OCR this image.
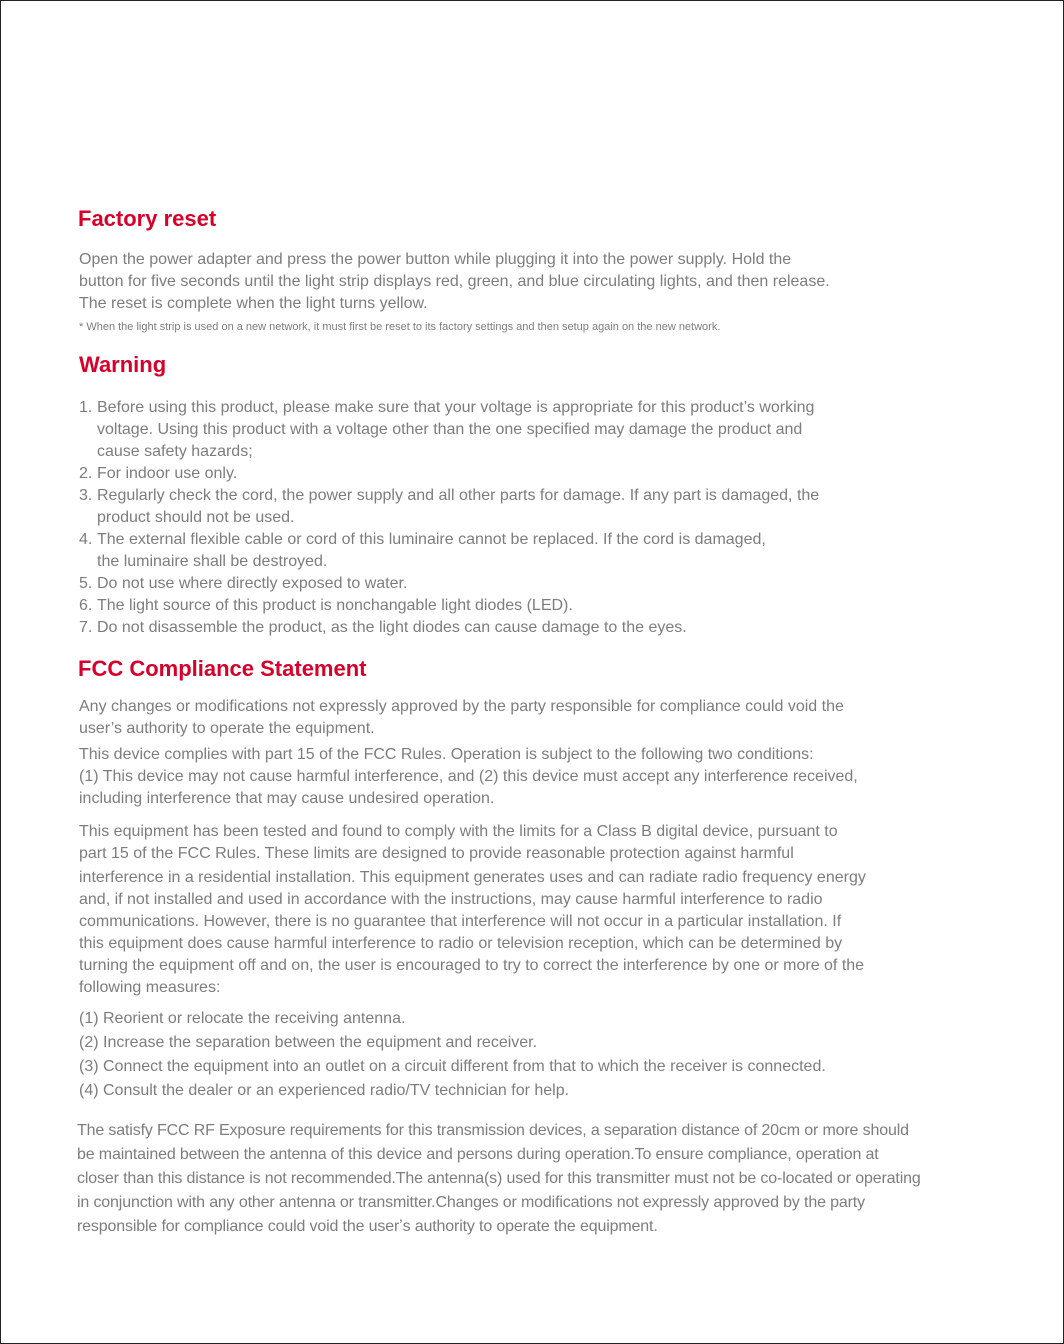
Factory reset
Open the power adapter and press the power button while plugging it into the power supply. Hold the
button for five seconds until the light strip displays red, green, and blue circulating lights, and then release.
The reset is complete when the light turns yellow.
* When the light strip is used on a new network, it must first be reset to its factory settings and then setup again on the new network.
Warning
1. Before using this product, please make sure that your voltage is appropriate for this product’s working
voltage. Using this product with a voltage other than the one specified may damage the product and
cause safety hazards;
2. For indoor use only.
3. Regularly check the cord, the power supply and all other parts for damage. If any part is damaged, the
product should not be used.
4. The external flexible cable or cord of this luminaire cannot be replaced. If the cord is damaged,
the luminaire shall be destroyed.
5. Do not use where directly exposed to water.
6. The light source of this product is nonchangable light diodes (LED).
7. Do not disassemble the product, as the light diodes can cause damage to the eyes.
FCC Compliance Statement
Any changes or modifications not expressly approved by the party responsible for compliance could void the
user’s authority to operate the equipment.
This device complies with part 15 of the FCC Rules. Operation is subject to the following two conditions:
(1) This device may not cause harmful interference, and (2) this device must accept any interference received,
including interference that may cause undesired operation.
This equipment has been tested and found to comply with the limits for a Class B digital device, pursuant to
part 15 of the FCC Rules. These limits are designed to provide reasonable protection against harmful
interference in a residential installation. This equipment generates uses and can radiate radio frequency energy
and, if not installed and used in accordance with the instructions, may cause harmful interference to radio
communications. However, there is no guarantee that interference will not occur in a particular installation. If
this equipment does cause harmful interference to radio or television reception, which can be determined by
turning the equipment off and on, the user is encouraged to try to correct the interference by one or more of the
following measures:
(1) Reorient or relocate the receiving antenna.
(2) Increase the separation between the equipment and receiver.
(3) Connect the equipment into an outlet on a circuit different from that to which the receiver is connected.
(4) Consult the dealer or an experienced radio/TV technician for help.
The satisfy FCC RF Exposure requirements for this transmission devices, a separation distance of 20cm or more should
be maintained between the antenna of this device and persons during operation.To ensure compliance, operation at
closer than this distance is not recommended.The antenna(s) used for this transmitter must not be co-located or operating
in conjunction with any other antenna or transmitter.Changes or modifications not expressly approved by the party
responsible for compliance could void the userʼs authority to operate the equipment.
